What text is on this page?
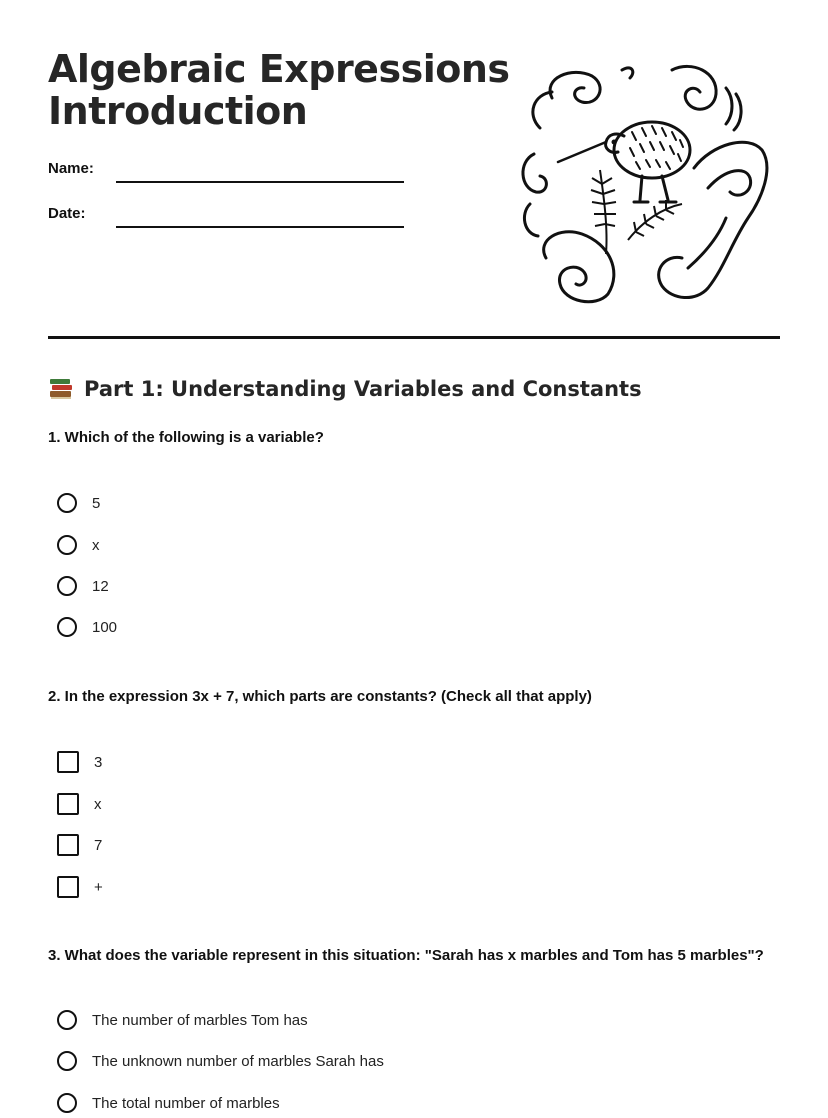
Algebraic Expressions
Introduction
Name:
Date:
Part 1: Understanding Variables and Constants

1. Which of the following is a variable?

5
x
12
100

2. In the expression 3x + 7, which parts are constants? (Check all that apply)

3
x
7
+

3. What does the variable represent in this situation: "Sarah has x marbles and Tom has 5 marbles"?

The number of marbles Tom has
The unknown number of marbles Sarah has
The total number of marbles
